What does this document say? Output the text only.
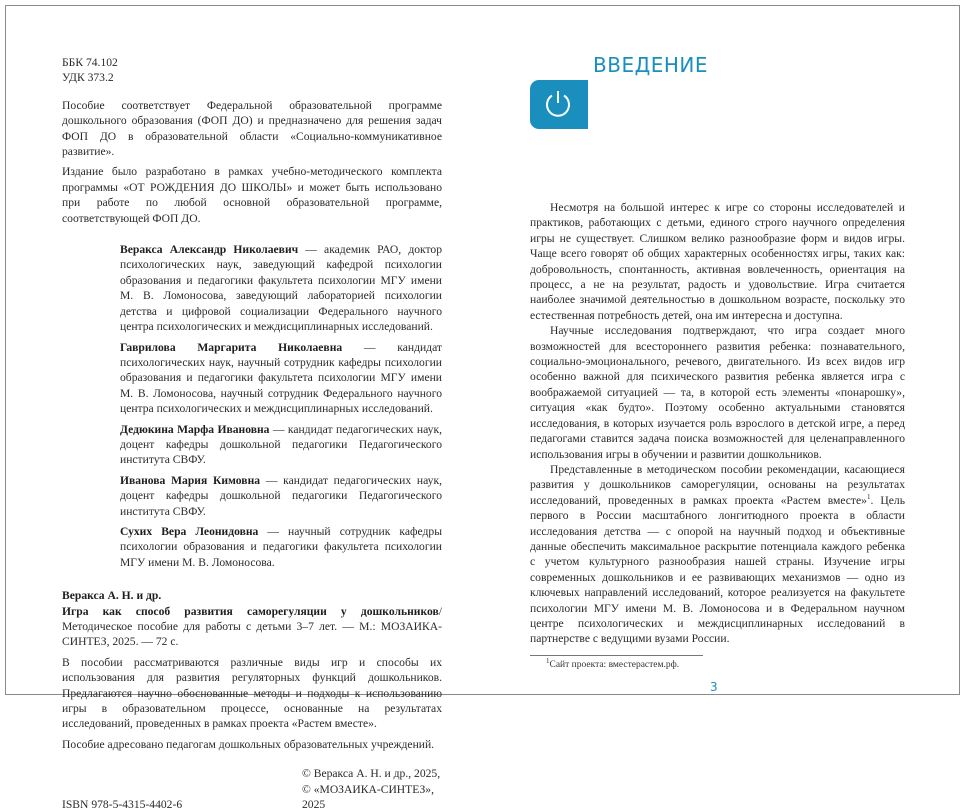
ББК 74.102
УДК 373.2

Пособие соответствует Федеральной образовательной программе дошкольного образования (ФОП ДО) и предназначено для решения задач ФОП ДО в образовательной области «Социально-коммуникативное развитие».

Издание было разработано в рамках учебно-методического комплекта программы «ОТ РОЖДЕНИЯ ДО ШКОЛЫ» и может быть использовано при работе по любой основной образовательной программе, соответствующей ФОП ДО.

Веракса Александр Николаевич — академик РАО, доктор психологических наук, заведующий кафедрой психологии образования и педагогики факультета психологии МГУ имени М. В. Ломоносова, заведующий лабораторией психологии детства и цифровой социализации Федерального научного центра психологических и междисциплинарных исследований.

Гаврилова Маргарита Николаевна — кандидат психологических наук, научный сотрудник кафедры психологии образования и педагогики факультета психологии МГУ имени М. В. Ломоносова, научный сотрудник Федерального научного центра психологических и междисциплинарных исследований.

Дедюкина Марфа Ивановна — кандидат педагогических наук, доцент кафедры дошкольной педагогики Педагогического института СВФУ.

Иванова Мария Кимовна — кандидат педагогических наук, доцент кафедры дошкольной педагогики Педагогического института СВФУ.

Сухих Вера Леонидовна — научный сотрудник кафедры психологии образования и педагогики факультета психологии МГУ имени М. В. Ломоносова.

Веракса А. Н. и др.
Игра как способ развития саморегуляции у дошкольников/Методическое пособие для работы с детьми 3–7 лет. — М.: МОЗАИКА-СИНТЕЗ, 2025. — 72 с.

В пособии рассматриваются различные виды игр и способы их использования для развития регуляторных функций дошкольников. Предлагаются научно обоснованные методы и подходы к использованию игры в образовательном процессе, основанные на результатах исследований, проведенных в рамках проекта «Растем вместе».

Пособие адресовано педагогам дошкольных образовательных учреждений.

ISBN 978-5-4315-4402-6
© Веракса А. Н. и др., 2025,
© «МОЗАИКА-СИНТЕЗ», 2025
ВВЕДЕНИЕ

Несмотря на большой интерес к игре со стороны исследователей и практиков, работающих с детьми, единого строго научного определения игры не существует. Слишком велико разнообразие форм и видов игры. Чаще всего говорят об общих характерных особенностях игры, таких как: добровольность, спонтанность, активная вовлеченность, ориентация на процесс, а не на результат, радость и удовольствие. Игра считается наиболее значимой деятельностью в дошкольном возрасте, поскольку это естественная потребность детей, она им интересна и доступна.

Научные исследования подтверждают, что игра создает много возможностей для всестороннего развития ребенка: познавательного, социально-эмоционального, речевого, двигательного. Из всех видов игр особенно важной для психического развития ребенка является игра с воображаемой ситуацией — та, в которой есть элементы «понарошку», ситуация «как будто». Поэтому особенно актуальными становятся исследования, в которых изучается роль взрослого в детской игре, а перед педагогами ставится задача поиска возможностей для целенаправленного использования игры в обучении и развитии дошкольников.

Представленные в методическом пособии рекомендации, касающиеся развития у дошкольников саморегуляции, основаны на результатах исследований, проведенных в рамках проекта «Растем вместе»$^1$. Цель первого в России масштабного лонгитюдного проекта в области исследования детства — с опорой на научный подход и объективные данные обеспечить максимальное раскрытие потенциала каждого ребенка с учетом культурного разнообразия нашей страны. Изучение игры современных дошкольников и ее развивающих механизмов — одно из ключевых направлений исследований, которое реализуется на факультете психологии МГУ имени М. В. Ломоносова и в Федеральном научном центре психологических и междисциплинарных исследований в партнерстве с ведущими вузами России.

$^1$Сайт проекта: вместерастем.рф.
3
